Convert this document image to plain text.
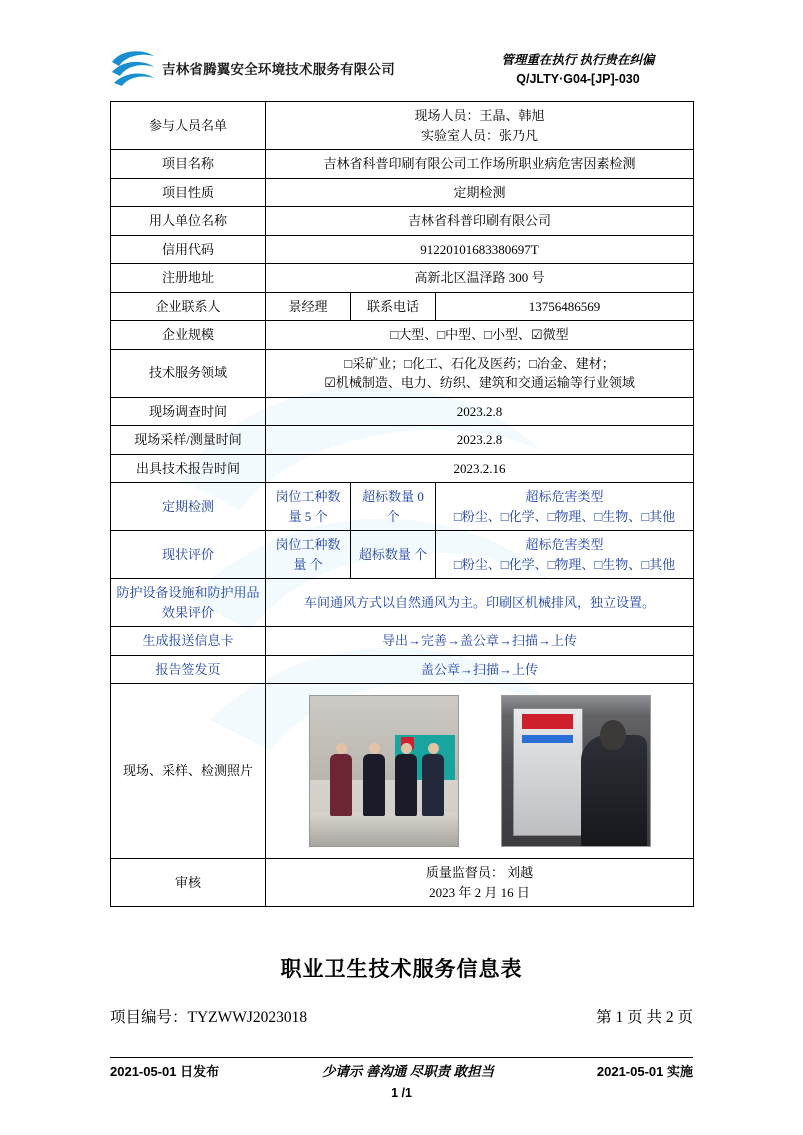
吉林省腾翼安全环境技术服务有限公司
管理重在执行 执行贵在纠偏
Q/JLTY·G04-[JP]-030
参与人员名单	现场人员：王晶、韩旭
实验室人员：张乃凡		

项目名称	吉林省科普印刷有限公司工作场所职业病危害因素检测		
项目性质	定期检测		
用人单位名称	吉林省科普印刷有限公司		
信用代码	91220101683380697T		
注册地址	高新北区温泽路 300 号		
企业联系人	景经理	联系电话	13756486569
企业规模	□大型、□中型、□小型、☑微型		
技术服务领域	□采矿业；□化工、石化及医药；□冶金、建材；
☑机械制造、电力、纺织、建筑和交通运输等行业领域		

现场调查时间	2023.2.8		
现场采样/测量时间	2023.2.8		
出具技术报告时间	2023.2.16		
定期检测	岗位工种数量 5 个	超标数量 0 个	超标危害类型
□粉尘、□化学、□物理、□生物、□其他

现状评价	岗位工种数量 个	超标数量 个	超标危害类型
□粉尘、□化学、□物理、□生物、□其他

防护设备设施和防护用品效果评价	车间通风方式以自然通风为主。印刷区机械排风，独立设置。		
生成报送信息卡	导出→完善→盖公章→扫描→上传		
报告签发页	盖公章→扫描→上传		
现场、采样、检测照片			

审核	质量监督员： 刘越
2023 年 2 月 16 日		
职业卫生技术服务信息表
项目编号：TYZWWJ2023018	第 1 页 共 2 页
2021-05-01 日发布	少请示 善沟通 尽职责 敢担当	2021-05-01 实施
1 /1
